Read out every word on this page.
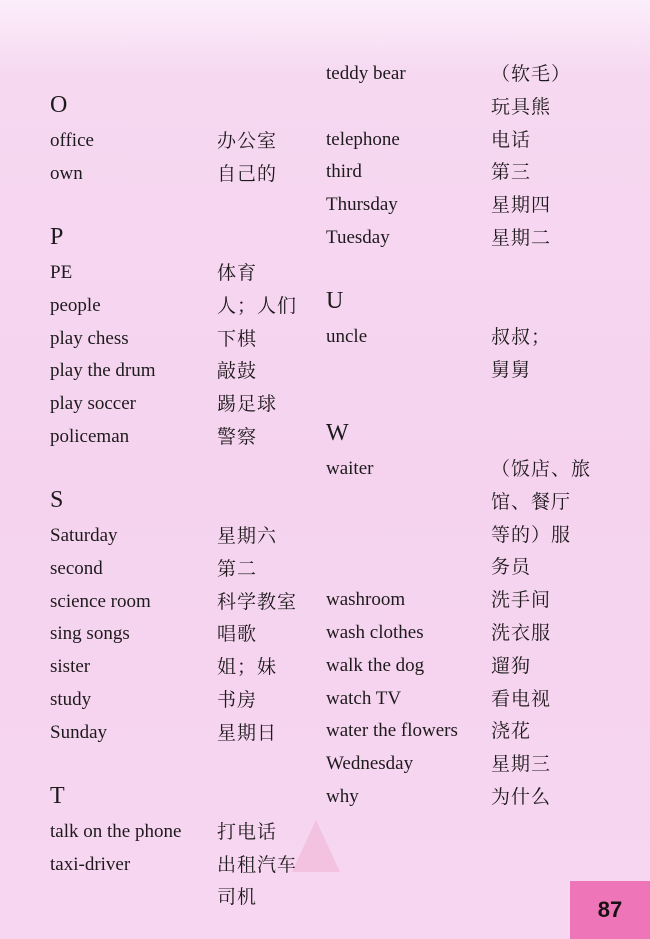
O
office	办公室
own	自己的
P
PE	体育
people	人；人们
play chess	下棋
play the drum	敲鼓
play soccer	踢足球
policeman	警察
S
Saturday	星期六
second	第二
science room	科学教室
sing songs	唱歌
sister	姐；妹
study	书房
Sunday	星期日
T
talk on the phone 打电话
taxi-driver	出租汽车
司机
teddy bear	（软毛）
玩具熊
telephone	电话
third	第三
Thursday	星期四
Tuesday	星期二
U
uncle	叔叔；
舅舅
W
waiter	（饭店、旅
馆、餐厅
等的）服
务员
washroom	洗手间
wash clothes	洗衣服
walk the dog	遛狗
watch TV	看电视
water the flowers 浇花
Wednesday	星期三
why	为什么
87
